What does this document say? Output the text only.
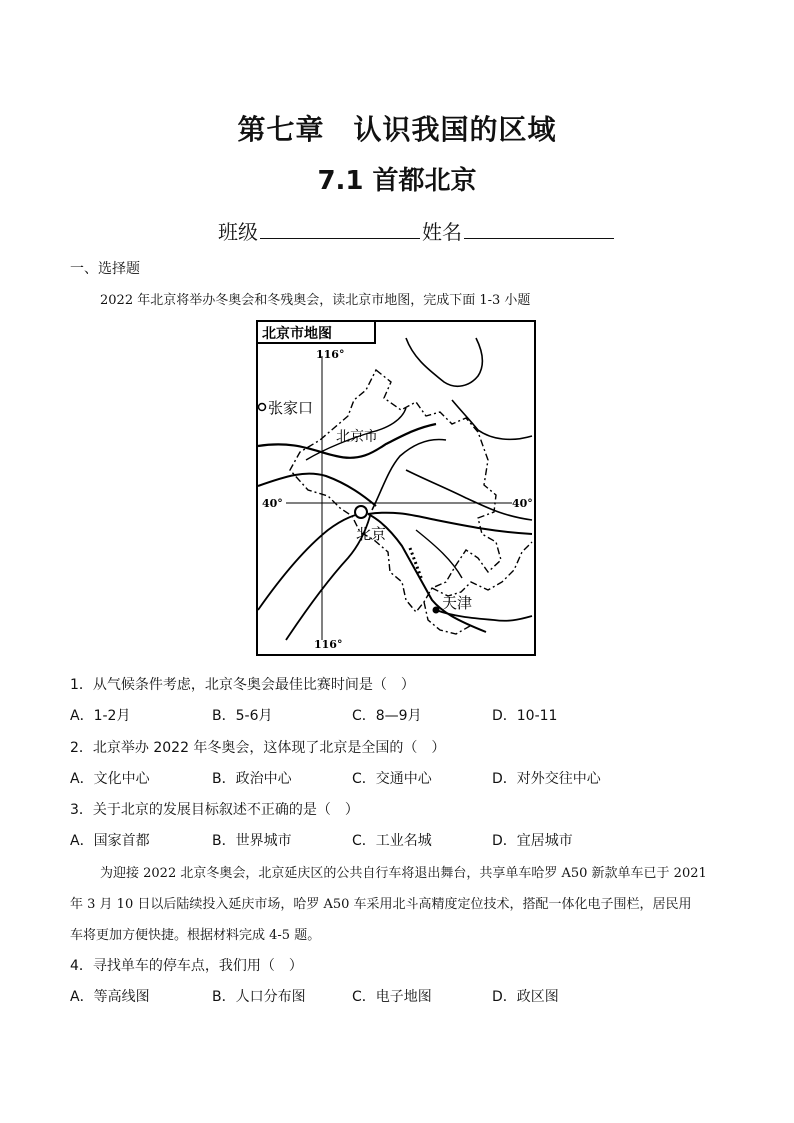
第七章　认识我国的区域
7.1 首都北京
班级	姓名
一、选择题
2022 年北京将举办冬奥会和冬残奥会，读北京市地图，完成下面 1-3 小题
北京市地图
116°
116°
40°	40°
张家口
北京市
北京
天津
1．从气候条件考虑，北京冬奥会最佳比赛时间是（　）
A．1-2月	B．5-6月	C．8—9月	D．10-11
2．北京举办 2022 年冬奥会，这体现了北京是全国的（　）
A．文化中心	B．政治中心	C．交通中心	D．对外交往中心
3．关于北京的发展目标叙述不正确的是（　）
A．国家首都	B．世界城市	C．工业名城	D．宜居城市
为迎接 2022 北京冬奥会，北京延庆区的公共自行车将退出舞台，共享单车哈罗 A50 新款单车已于 2021
年 3 月 10 日以后陆续投入延庆市场，哈罗 A50 车采用北斗高精度定位技术，搭配一体化电子围栏，居民用
车将更加方便快捷。根据材料完成 4-5 题。
4．寻找单车的停车点，我们用（　）
A．等高线图	B．人口分布图	C．电子地图	D．政区图
